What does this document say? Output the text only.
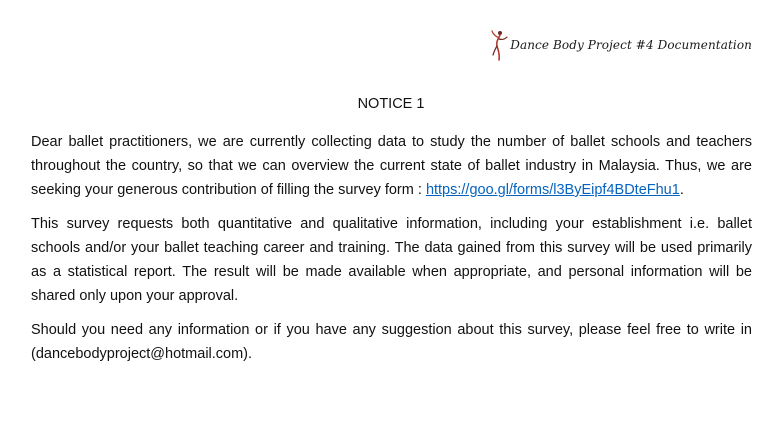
Dance Body Project #4 Documentation
NOTICE 1

Dear ballet practitioners, we are currently collecting data to study the number of ballet schools and teachers throughout the country, so that we can overview the current state of ballet industry in Malaysia. Thus, we are seeking your generous contribution of filling the survey form : https://goo.gl/forms/l3ByEipf4BDteFhu1.

This survey requests both quantitative and qualitative information, including your establishment i.e. ballet schools and/or your ballet teaching career and training. The data gained from this survey will be used primarily as a statistical report. The result will be made available when appropriate, and personal information will be shared only upon your approval.

Should you need any information or if you have any suggestion about this survey, please feel free to write in (dancebodyproject@hotmail.com).
